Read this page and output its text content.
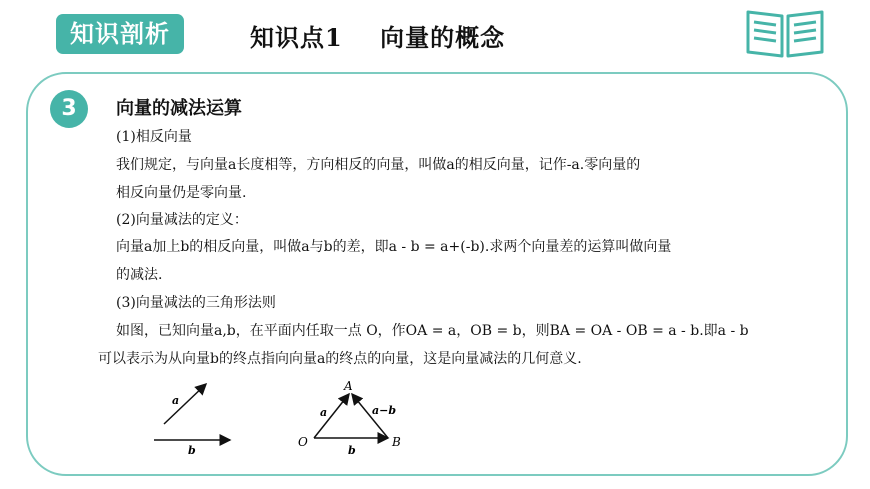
知识剖析	知识点1    向量的概念
3	向量的减法运算
(1)相反向量
我们规定，与向量a长度相等，方向相反的向量，叫做a的相反向量，记作-a.零向量的
相反向量仍是零向量.
(2)向量减法的定义：
向量a加上b的相反向量，叫做a与b的差，即a - b = a+(-b).求两个向量差的运算叫做向量
的减法.
(3)向量减法的三角形法则
如图，已知向量a,b，在平面内任取一点 O，作OA = a，OB = b，则BA = OA - OB = a - b.即a - b
可以表示为从向量b的终点指向向量a的终点的向量，这是向量减法的几何意义.
a
b
O
A
B
a
b
a−b
